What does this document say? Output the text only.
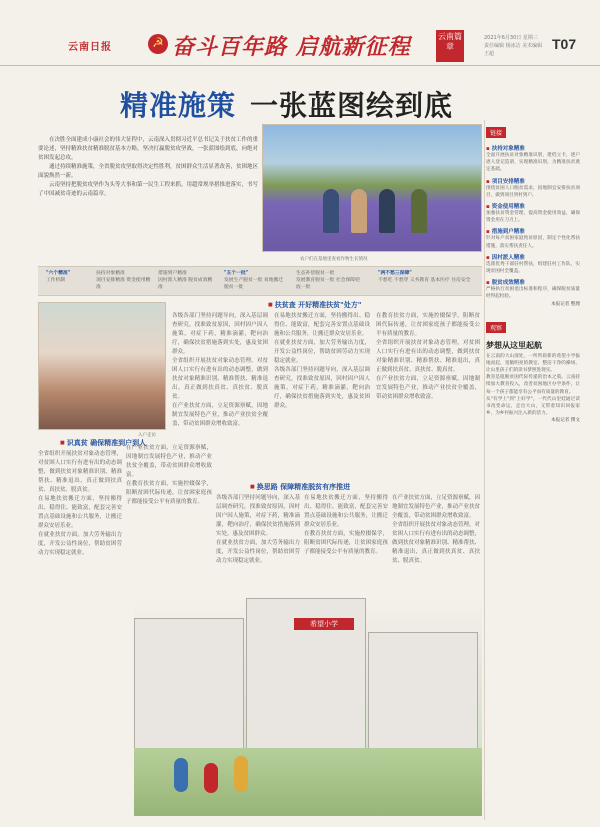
云南日报	☭ 奋斗百年路 启航新征程	云南篇章
2021年6月30日 星期三
责任编辑 杨冰洁 美术编辑 王超
T07
精准施策 一张蓝图绘到底

在决胜全面建成小康社会的伟大征程中，云南深入贯彻习近平总书记关于扶贫工作的重要论述，坚持精准扶贫精准脱贫基本方略，坚决打赢脱贫攻坚战，一张蓝图绘到底，向绝对贫困发起总攻。

通过持续精准施策，全省脱贫攻坚取得决定性胜利，贫困群众生活显著改善，贫困地区面貌焕然一新。

云南坚持把脱贫攻坚作为头等大事和第一民生工程来抓，用超常规举措推进落实，书写了中国减贫奇迹的云南篇章。

农户们在基地里查看作物生长情况
"六个精准"
工作机制
扶持对象精准
项目安排精准 资金使用精准
措施到户精准
因村派人精准 脱贫成效精准
"五个一批"
发展生产脱贫一批 易地搬迁脱贫一批
生态补偿脱贫一批
发展教育脱贫一批 社会保障兜底一批
"两不愁三保障"
不愁吃 不愁穿 义务教育 基本医疗 住房安全
■ 扶贫查 开好精准扶贫"处方"
入户走访

各级各部门坚持问题导向，深入基层调查研究，找准致贫原因，因村因户因人施策，对症下药，精准滴灌，靶向治疗，确保扶贫措施落到实处，惠及贫困群众。

全省组织开展扶贫对象动态管理，对贫困人口实行有进有出的动态调整，做到扶贫对象精准识别、精准帮扶、精准退出，真正做到扶真贫、真扶贫、脱真贫。

在产业扶贫方面，立足资源禀赋，因地制宜发展特色产业，推动产业扶贫全覆盖，带动贫困群众增收致富。

在易地扶贫搬迁方面，坚持搬得出、稳得住、能致富，配套完善安置点基础设施和公共服务，让搬迁群众安居乐业。

在就业扶贫方面，加大劳务输出力度，开发公益性岗位，帮助贫困劳动力实现稳定就业。

各级各部门坚持问题导向，深入基层调查研究，找准致贫原因，因村因户因人施策，对症下药，精准滴灌，靶向治疗，确保扶贫措施落到实处，惠及贫困群众。

在教育扶贫方面，实施控辍保学，阻断贫困代际传递，让贫困家庭孩子都能接受公平有质量的教育。

全省组织开展扶贫对象动态管理，对贫困人口实行有进有出的动态调整，做到扶贫对象精准识别、精准帮扶、精准退出，真正做到扶真贫、真扶贫、脱真贫。

在产业扶贫方面，立足资源禀赋，因地制宜发展特色产业，推动产业扶贫全覆盖，带动贫困群众增收致富。

■ 识真贫 确保精准到户到人

全省组织开展扶贫对象动态管理，对贫困人口实行有进有出的动态调整，做到扶贫对象精准识别、精准帮扶、精准退出，真正做到扶真贫、真扶贫、脱真贫。

在易地扶贫搬迁方面，坚持搬得出、稳得住、能致富，配套完善安置点基础设施和公共服务，让搬迁群众安居乐业。

在就业扶贫方面，加大劳务输出力度，开发公益性岗位，帮助贫困劳动力实现稳定就业。

在产业扶贫方面，立足资源禀赋，因地制宜发展特色产业，推动产业扶贫全覆盖，带动贫困群众增收致富。

在教育扶贫方面，实施控辍保学，阻断贫困代际传递，让贫困家庭孩子都能接受公平有质量的教育。

■ 换思路 保障精准脱贫有序推进

各级各部门坚持问题导向，深入基层调查研究，找准致贫原因，因村因户因人施策，对症下药，精准滴灌，靶向治疗，确保扶贫措施落到实处，惠及贫困群众。

在就业扶贫方面，加大劳务输出力度，开发公益性岗位，帮助贫困劳动力实现稳定就业。

在易地扶贫搬迁方面，坚持搬得出、稳得住、能致富，配套完善安置点基础设施和公共服务，让搬迁群众安居乐业。

在教育扶贫方面，实施控辍保学，阻断贫困代际传递，让贫困家庭孩子都能接受公平有质量的教育。

在产业扶贫方面，立足资源禀赋，因地制宜发展特色产业，推动产业扶贫全覆盖，带动贫困群众增收致富。

全省组织开展扶贫对象动态管理，对贫困人口实行有进有出的动态调整，做到扶贫对象精准识别、精准帮扶、精准退出，真正做到扶真贫、真扶贫、脱真贫。

希望小学
链接
▪ 扶持对象精准
全面开展扶贫对象精准识别，建档立卡，逐户逐人登记造册，实现精准识别，为精准扶贫奠定基础。
▪ 项目安排精准
围绕贫困人口脱贫需求，因地制宜安排扶贫项目，做到项目到村到户。
▪ 资金使用精准
加强扶贫资金管理，提高资金使用效益，确保资金用在刀刃上。
▪ 措施到户精准
针对每户贫困家庭致贫原因，制定个性化帮扶措施，落实帮扶责任人。
▪ 因村派人精准
选派优秀干部驻村帮扶，组建驻村工作队，实现贫困村全覆盖。
▪ 脱贫成效精准
严格执行贫困退出标准和程序，确保脱贫质量经得起检验。
本报记者 整理
观察
梦想从这里起航
在云南的大山深处，一所所崭新的希望小学拔地而起，宽敞明亮的教室、整洁干净的操场，让山里孩子们的读书梦照进现实。
教育是阻断贫困代际传递的治本之策。云南持续加大教育投入，改善贫困地区办学条件，让每一个孩子都能享有公平而有质量的教育。
从"有学上"到"上好学"，一代代山里娃通过读书改变命运，走出大山，又带着知识回报家乡，为乡村振兴注入新的活力。
本报记者 撰文
